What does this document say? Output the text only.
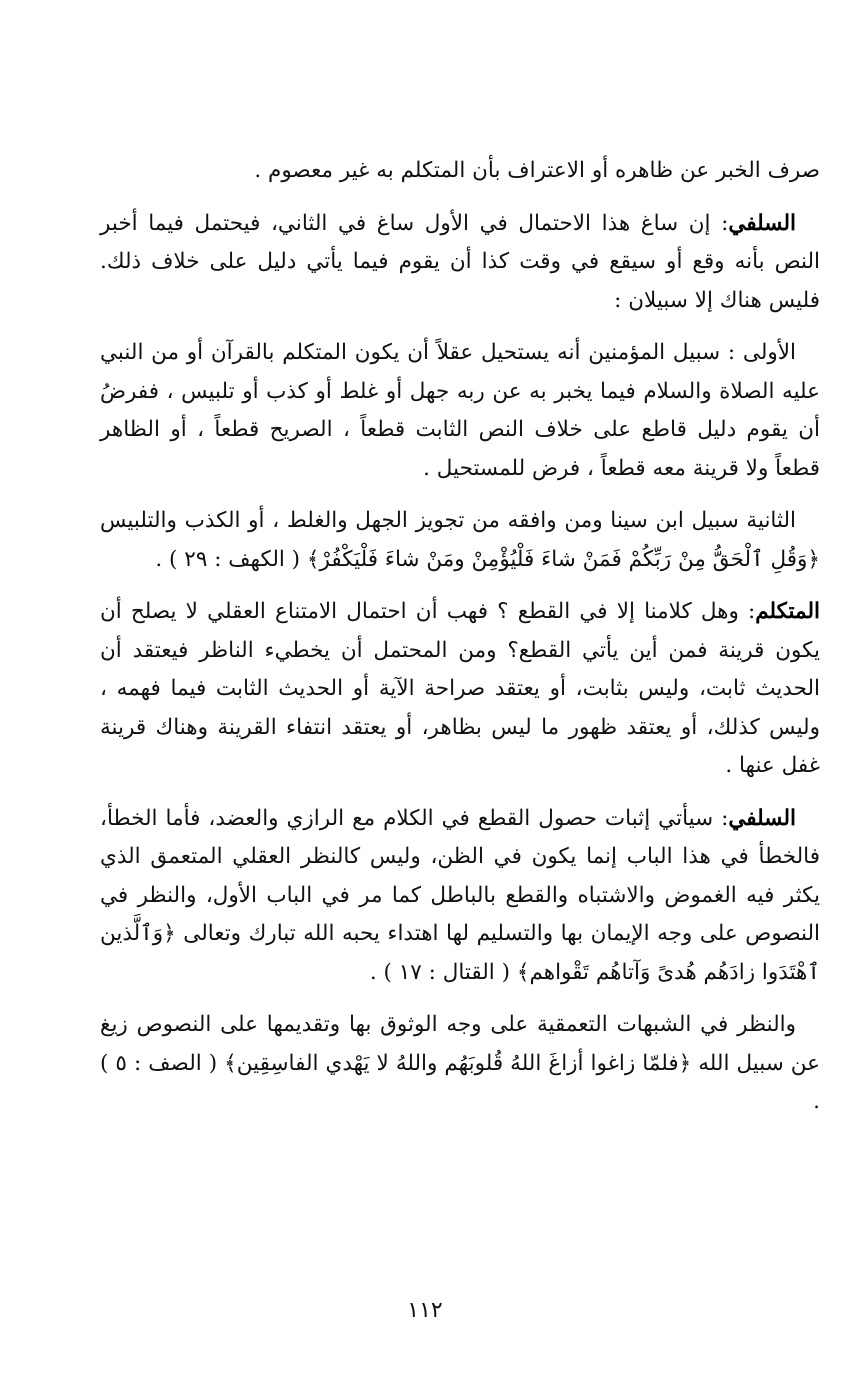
صرف الخبر عن ظاهره أو الاعتراف بأن المتكلم به غير معصوم .

السلفي: إن ساغ هذا الاحتمال في الأول ساغ في الثاني، فيحتمل فيما أخبر النص بأنه وقع أو سيقع في وقت كذا أن يقوم فيما يأتي دليل على خلاف ذلك. فليس هناك إلا سبيلان :

الأولى : سبيل المؤمنين أنه يستحيل عقلاً أن يكون المتكلم بالقرآن أو من النبي عليه الصلاة والسلام فيما يخبر به عن ربه جهل أو غلط أو كذب أو تلبيس ، ففرضُ أن يقوم دليل قاطع على خلاف النص الثابت قطعاً ، الصريح قطعاً ، أو الظاهر قطعاً ولا قرينة معه قطعاً ، فرض للمستحيل .

الثانية سبيل ابن سينا ومن وافقه من تجويز الجهل والغلط ، أو الكذب والتلبيس ﴿وَقُلِ ٱلْحَقُّ مِنْ رَبِّكُمْ فَمَنْ شاءَ فَلْيُؤْمِنْ ومَنْ شاءَ فَلْيَكْفُرْ﴾ ( الكهف : ٢٩ ) .

المتكلم: وهل كلامنا إلا في القطع ؟ فهب أن احتمال الامتناع العقلي لا يصلح أن يكون قرينة فمن أين يأتي القطع؟ ومن المحتمل أن يخطيء الناظر فيعتقد أن الحديث ثابت، وليس بثابت، أو يعتقد صراحة الآية أو الحديث الثابت فيما فهمه ، وليس كذلك، أو يعتقد ظهور ما ليس بظاهر، أو يعتقد انتفاء القرينة وهناك قرينة غفل عنها .

السلفي: سيأتي إثبات حصول القطع في الكلام مع الرازي والعضد، فأما الخطأ، فالخطأ في هذا الباب إنما يكون في الظن، وليس كالنظر العقلي المتعمق الذي يكثر فيه الغموض والاشتباه والقطع بالباطل كما مر في الباب الأول، والنظر في النصوص على وجه الإيمان بها والتسليم لها اهتداء يحبه الله تبارك وتعالى ﴿وَٱلَّذين ٱهْتَدَوا زادَهُم هُدىً وَآتاهُم تَقْواهم﴾ ( القتال : ١٧ ) .

والنظر في الشبهات التعمقية على وجه الوثوق بها وتقديمها على النصوص زيغ عن سبيل الله ﴿فلمّا زاغوا أزاغَ اللهُ قُلوبَهُم واللهُ لا يَهْدي الفاسِقِين﴾ ( الصف : ٥ ) .

١١٢
